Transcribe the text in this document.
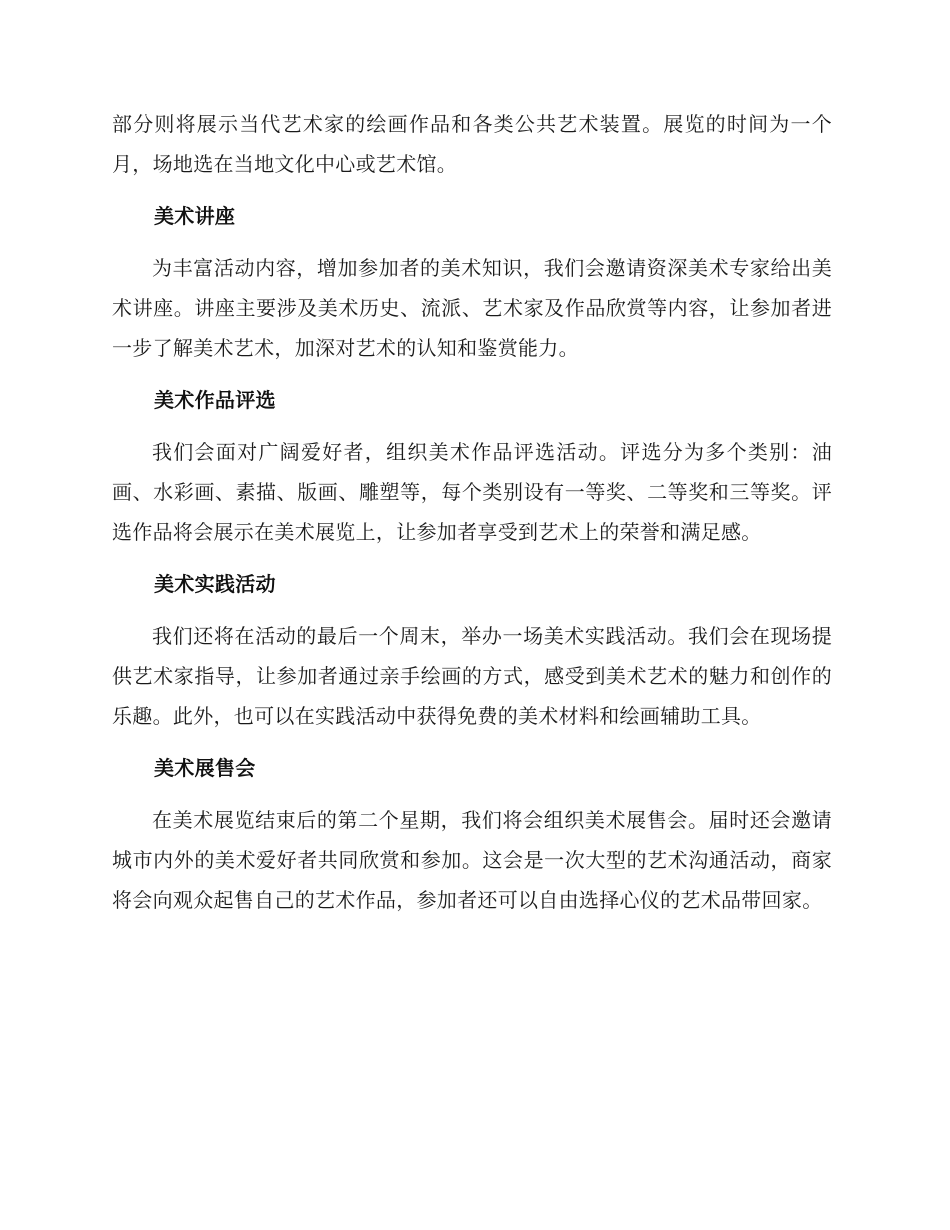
部分则将展示当代艺术家的绘画作品和各类公共艺术装置。展览的时间为一个月，场地选在当地文化中心或艺术馆。

美术讲座

为丰富活动内容，增加参加者的美术知识，我们会邀请资深美术专家给出美术讲座。讲座主要涉及美术历史、流派、艺术家及作品欣赏等内容，让参加者进一步了解美术艺术，加深对艺术的认知和鉴赏能力。

美术作品评选

我们会面对广阔爱好者，组织美术作品评选活动。评选分为多个类别：油画、水彩画、素描、版画、雕塑等，每个类别设有一等奖、二等奖和三等奖。评选作品将会展示在美术展览上，让参加者享受到艺术上的荣誉和满足感。

美术实践活动

我们还将在活动的最后一个周末，举办一场美术实践活动。我们会在现场提供艺术家指导，让参加者通过亲手绘画的方式，感受到美术艺术的魅力和创作的乐趣。此外，也可以在实践活动中获得免费的美术材料和绘画辅助工具。

美术展售会

在美术展览结束后的第二个星期，我们将会组织美术展售会。届时还会邀请城市内外的美术爱好者共同欣赏和参加。这会是一次大型的艺术沟通活动，商家将会向观众起售自己的艺术作品，参加者还可以自由选择心仪的艺术品带回家。
